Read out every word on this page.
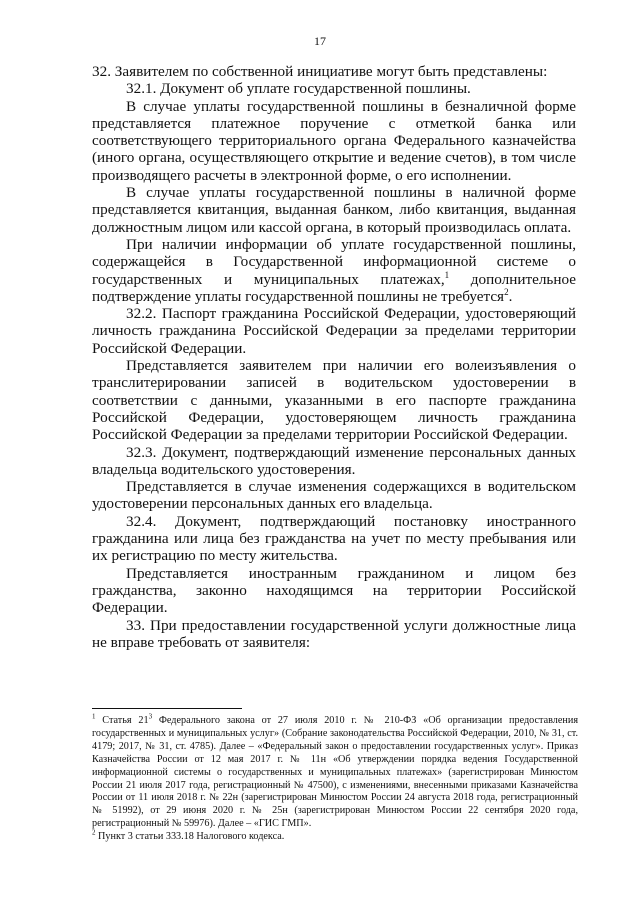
17

32. Заявителем по собственной инициативе могут быть представлены:

32.1. Документ об уплате государственной пошлины.

В случае уплаты государственной пошлины в безналичной форме представляется платежное поручение с отметкой банка или соответствующего территориального органа Федерального казначейства (иного органа, осуществляющего открытие и ведение счетов), в том числе производящего расчеты в электронной форме, о его исполнении.

В случае уплаты государственной пошлины в наличной форме представляется квитанция, выданная банком, либо квитанция, выданная должностным лицом или кассой органа, в который производилась оплата.

При наличии информации об уплате государственной пошлины, содержащейся в Государственной информационной системе о государственных и муниципальных платежах,$^1$ дополнительное подтверждение уплаты государственной пошлины не требуется$^2$.

32.2. Паспорт гражданина Российской Федерации, удостоверяющий личность гражданина Российской Федерации за пределами территории Российской Федерации.

Представляется заявителем при наличии его волеизъявления о транслитерировании записей в водительском удостоверении в соответствии с данными, указанными в его паспорте гражданина Российской Федерации, удостоверяющем личность гражданина Российской Федерации за пределами территории Российской Федерации.

32.3. Документ, подтверждающий изменение персональных данных владельца водительского удостоверения.

Представляется в случае изменения содержащихся в водительском удостоверении персональных данных его владельца.

32.4. Документ, подтверждающий постановку иностранного гражданина или лица без гражданства на учет по месту пребывания или их регистрацию по месту жительства.

Представляется иностранным гражданином и лицом без гражданства, законно находящимся на территории Российской Федерации.

33. При предоставлении государственной услуги должностные лица не вправе требовать от заявителя:

$^1$ Статья $21^3$ Федерального закона от 27 июля 2010 г. № 210-ФЗ «Об организации предоставления государственных и муниципальных услуг» (Собрание законодательства Российской Федерации, 2010, № 31, ст. 4179; 2017, № 31, ст. 4785). Далее – «Федеральный закон о предоставлении государственных услуг». Приказ Казначейства России от 12 мая 2017 г. № 11н «Об утверждении порядка ведения Государственной информационной системы о государственных и муниципальных платежах» (зарегистрирован Минюстом России 21 июля 2017 года, регистрационный № 47500), с изменениями, внесенными приказами Казначейства России от 11 июля 2018 г. № 22н (зарегистрирован Минюстом России 24 августа 2018 года, регистрационный № 51992), от 29 июня 2020 г. № 25н (зарегистрирован Минюстом России 22 сентября 2020 года, регистрационный № 59976). Далее – «ГИС ГМП».

$^2$ Пункт 3 статьи 333.18 Налогового кодекса.
